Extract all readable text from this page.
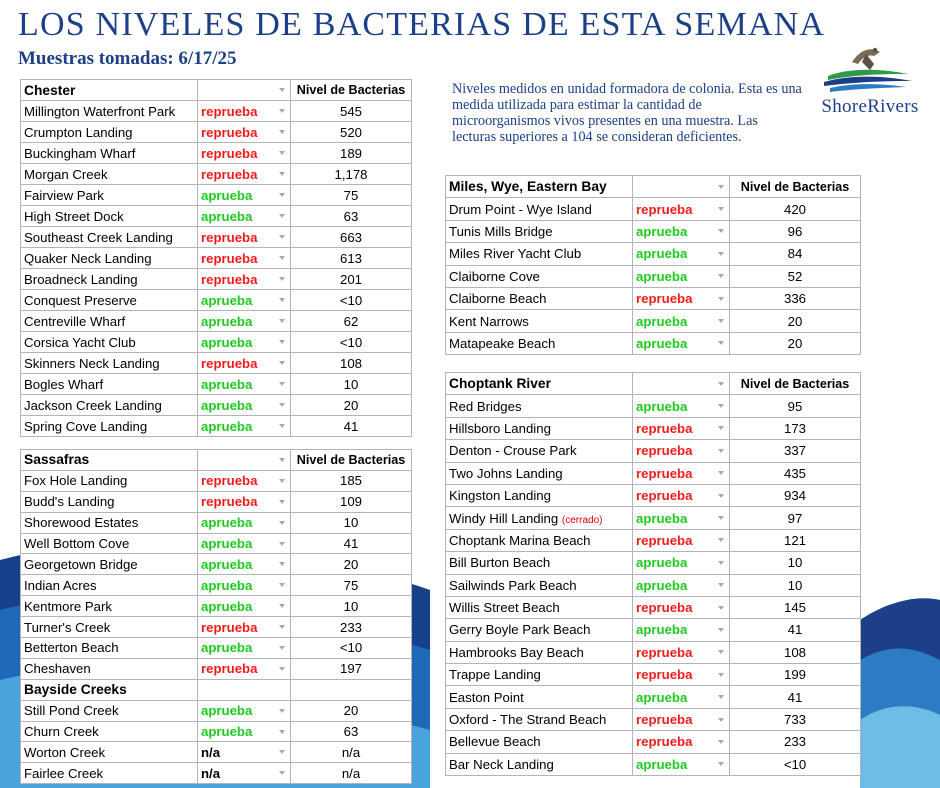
LOS NIVELES DE BACTERIAS DE ESTA SEMANA
Muestras tomadas: 6/17/25
Niveles medidos en unidad formadora de colonia. Esta es una medida utilizada para estimar la cantidad de microorganismos vivos presentes en una muestra. Las lecturas superiores a 104 se consideran deficientes.
ShoreRivers
Chester		Nivel de Bacterias
Millington Waterfront Park	reprueba	545
Crumpton Landing	reprueba	520
Buckingham Wharf	reprueba	189
Morgan Creek	reprueba	1,178
Fairview Park	aprueba	75
High Street Dock	aprueba	63
Southeast Creek Landing	reprueba	663
Quaker Neck Landing	reprueba	613
Broadneck Landing	reprueba	201
Conquest Preserve	aprueba	<10
Centreville Wharf	aprueba	62
Corsica Yacht Club	aprueba	<10
Skinners Neck Landing	reprueba	108
Bogles Wharf	aprueba	10
Jackson Creek Landing	aprueba	20
Spring Cove Landing	aprueba	41
Sassafras		Nivel de Bacterias
Fox Hole Landing	reprueba	185
Budd's Landing	reprueba	109
Shorewood Estates	aprueba	10
Well Bottom Cove	aprueba	41
Georgetown Bridge	aprueba	20
Indian Acres	aprueba	75
Kentmore Park	aprueba	10
Turner's Creek	reprueba	233
Betterton Beach	aprueba	<10
Cheshaven	reprueba	197
Bayside Creeks		
Still Pond Creek	aprueba	20
Churn Creek	aprueba	63
Worton Creek	n/a	n/a
Fairlee Creek	n/a	n/a
Miles, Wye, Eastern Bay		Nivel de Bacterias
Drum Point - Wye Island	reprueba	420
Tunis Mills Bridge	aprueba	96
Miles River Yacht Club	aprueba	84
Claiborne Cove	aprueba	52
Claiborne Beach	reprueba	336
Kent Narrows	aprueba	20
Matapeake Beach	aprueba	20
Choptank River		Nivel de Bacterias
Red Bridges	aprueba	95
Hillsboro Landing	reprueba	173
Denton - Crouse Park	reprueba	337
Two Johns Landing	reprueba	435
Kingston Landing	reprueba	934
Windy Hill Landing (cerrado)	aprueba	97
Choptank Marina Beach	reprueba	121
Bill Burton Beach	aprueba	10
Sailwinds Park Beach	aprueba	10
Willis Street Beach	reprueba	145
Gerry Boyle Park Beach	aprueba	41
Hambrooks Bay Beach	reprueba	108
Trappe Landing	reprueba	199
Easton Point	aprueba	41
Oxford - The Strand Beach	reprueba	733
Bellevue Beach	reprueba	233
Bar Neck Landing	aprueba	<10
